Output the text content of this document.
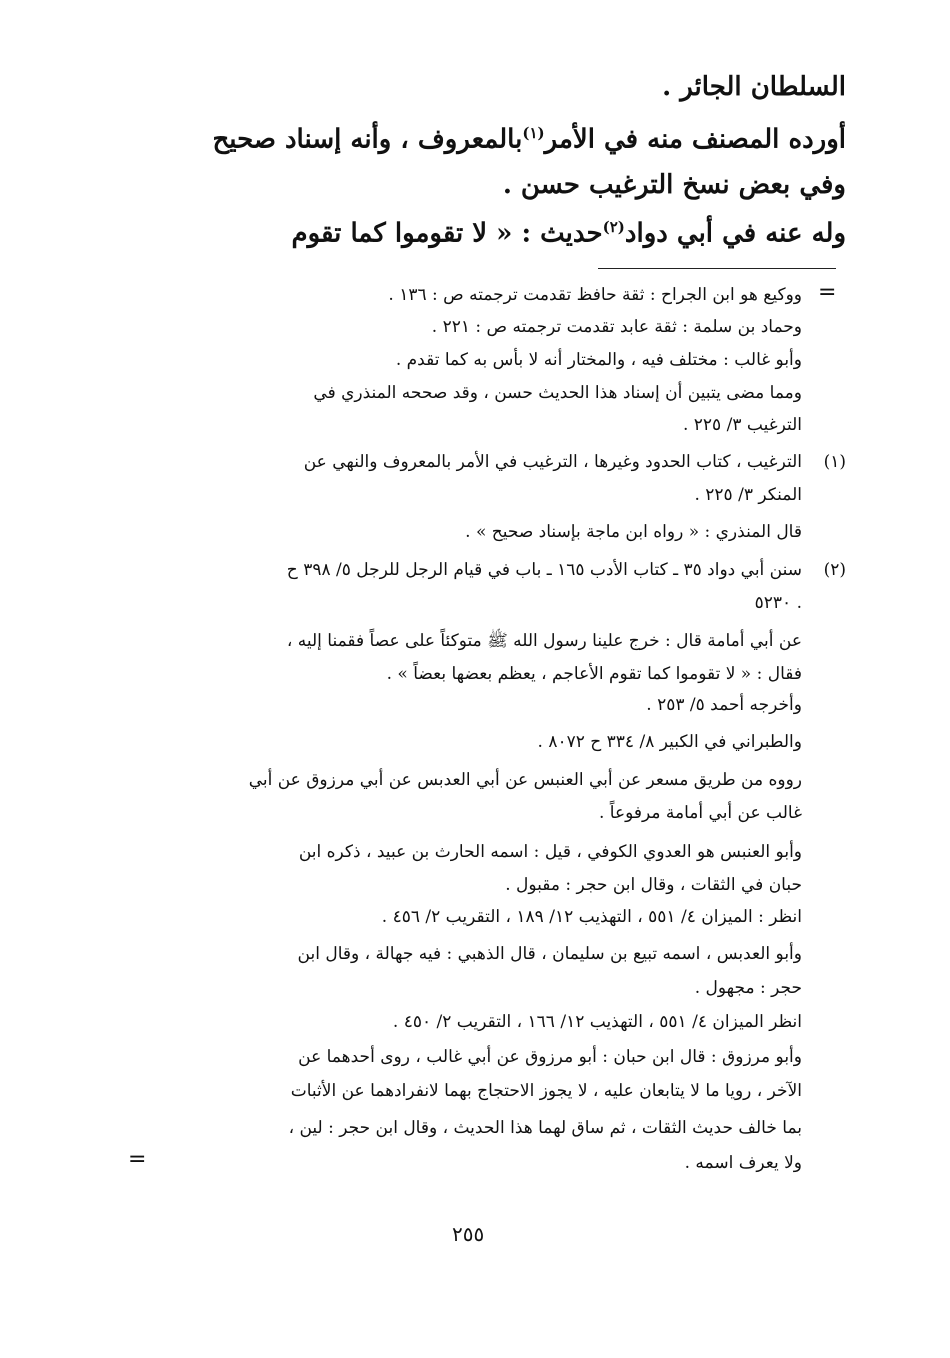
السلطان الجائر .
أورده المصنف منه في الأمر$^{(١)}$بالمعروف ، وأنه إسناد صحيح
وفي بعض نسخ الترغيب حسن .
وله عنه في أبي دواد$^{(٢)}$حديث : « لا تقوموا كما تقوم
=
ووكيع هو ابن الجراح : ثقة حافظ تقدمت ترجمته ص : ١٣٦ .
وحماد بن سلمة : ثقة عابد تقدمت ترجمته ص : ٢٢١ .
وأبو غالب : مختلف فيه ، والمختار أنه لا بأس به كما تقدم .
ومما مضى يتبين أن إسناد هذا الحديث حسن ، وقد صححه المنذري في
الترغيب ٣/ ٢٢٥ .
(١)
الترغيب ، كتاب الحدود وغيرها ، الترغيب في الأمر بالمعروف والنهي عن
المنكر ٣/ ٢٢٥ .
قال المنذري : « رواه ابن ماجة بإسناد صحيح » .
(٢)
سنن أبي دواد ٣٥ ـ كتاب الأدب ١٦٥ ـ باب في قيام الرجل للرجل ٥/ ٣٩٨ ح
٥٢٣٠ .
عن أبي أمامة قال : خرج علينا رسول الله ﷺ متوكئاً على عصاً فقمنا إليه ،
فقال : « لا تقوموا كما تقوم الأعاجم ، يعظم بعضها بعضاً » .
وأخرجه أحمد ٥/ ٢٥٣ .
والطبراني في الكبير ٨/ ٣٣٤ ح ٨٠٧٢ .
رووه من طريق مسعر عن أبي العنبس عن أبي العدبس عن أبي مرزوق عن أبي
غالب عن أبي أمامة مرفوعاً .
وأبو العنبس هو العدوي الكوفي ، قيل : اسمه الحارث بن عبيد ، ذكره ابن
حبان في الثقات ، وقال ابن حجر : مقبول .
انظر : الميزان ٤/ ٥٥١ ، التهذيب ١٢/ ١٨٩ ، التقريب ٢/ ٤٥٦ .
وأبو العدبس ، اسمه تبيع بن سليمان ، قال الذهبي : فيه جهالة ، وقال ابن
حجر : مجهول .
انظر الميزان ٤/ ٥٥١ ، التهذيب ١٢/ ١٦٦ ، التقريب ٢/ ٤٥٠ .
وأبو مرزوق : قال ابن حبان : أبو مرزوق عن أبي غالب ، روى أحدهما عن
الآخر ، رويا ما لا يتابعان عليه ، لا يجوز الاحتجاج بهما لانفرادهما عن الأثبات
بما خالف حديث الثقات ، ثم ساق لهما هذا الحديث ، وقال ابن حجر : لين ،
ولا يعرف اسمه .
=
٢٥٥
